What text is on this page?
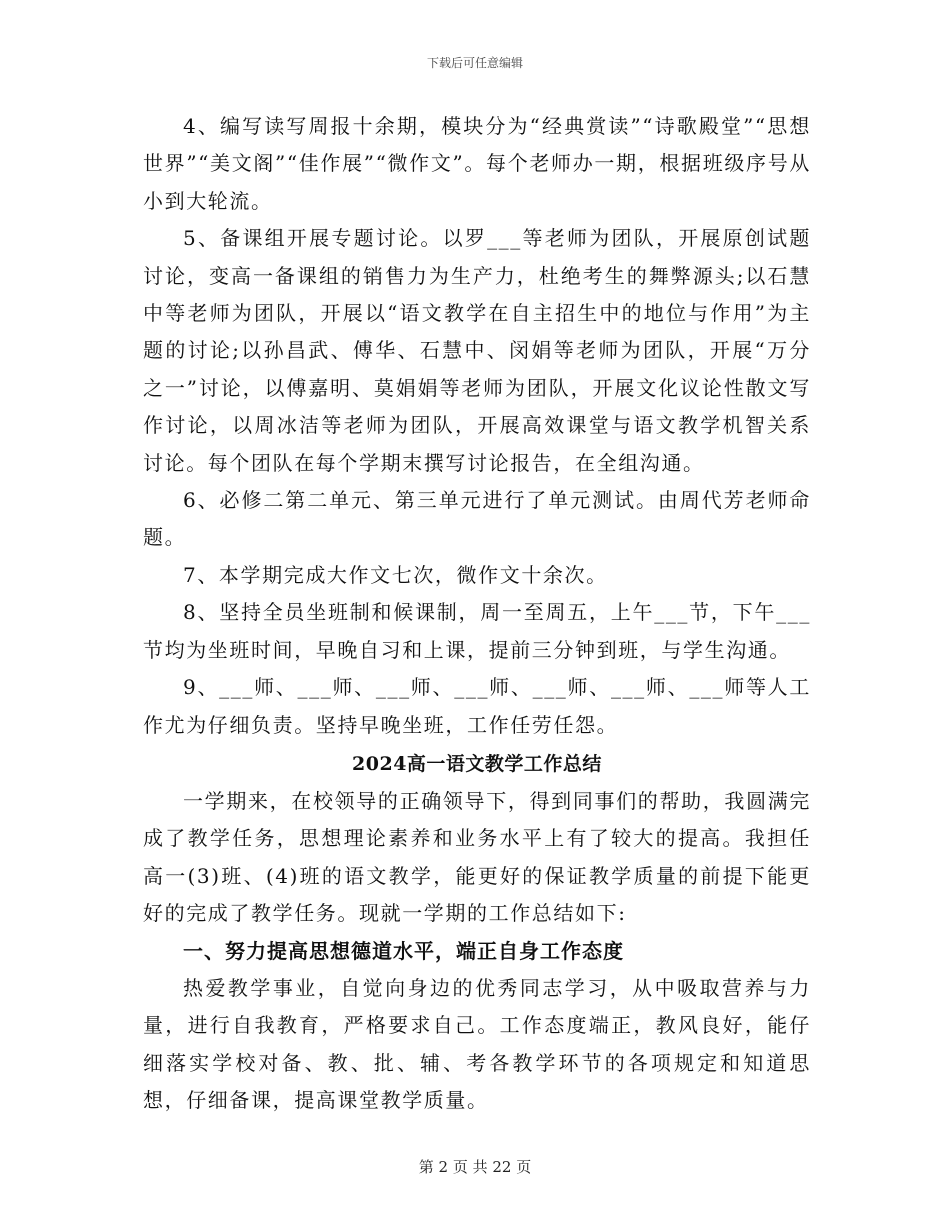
下载后可任意编辑

4、编写读写周报十余期，模块分为“经典赏读”“诗歌殿堂”“思想世界”“美文阁”“佳作展”“微作文”。每个老师办一期，根据班级序号从小到大轮流。

5、备课组开展专题讨论。以罗___等老师为团队，开展原创试题讨论，变高一备课组的销售力为生产力，杜绝考生的舞弊源头;以石慧中等老师为团队，开展以“语文教学在自主招生中的地位与作用”为主题的讨论;以孙昌武、傅华、石慧中、闵娟等老师为团队，开展“万分之一”讨论，以傅嘉明、莫娟娟等老师为团队，开展文化议论性散文写作讨论，以周冰洁等老师为团队，开展高效课堂与语文教学机智关系讨论。每个团队在每个学期末撰写讨论报告，在全组沟通。

6、必修二第二单元、第三单元进行了单元测试。由周代芳老师命题。

7、本学期完成大作文七次，微作文十余次。

8、坚持全员坐班制和候课制，周一至周五，上午___节，下午___节均为坐班时间，早晚自习和上课，提前三分钟到班，与学生沟通。

9、___师、___师、___师、___师、___师、___师、___师等人工作尤为仔细负责。坚持早晚坐班，工作任劳任怨。

2024高一语文教学工作总结

一学期来，在校领导的正确领导下，得到同事们的帮助，我圆满完成了教学任务，思想理论素养和业务水平上有了较大的提高。我担任高一(3)班、(4)班的语文教学，能更好的保证教学质量的前提下能更好的完成了教学任务。现就一学期的工作总结如下:

一、努力提高思想德道水平，端正自身工作态度

热爱教学事业，自觉向身边的优秀同志学习，从中吸取营养与力量，进行自我教育，严格要求自己。工作态度端正，教风良好，能仔细落实学校对备、教、批、辅、考各教学环节的各项规定和知道思想，仔细备课，提高课堂教学质量。

第 2 页 共 22 页
